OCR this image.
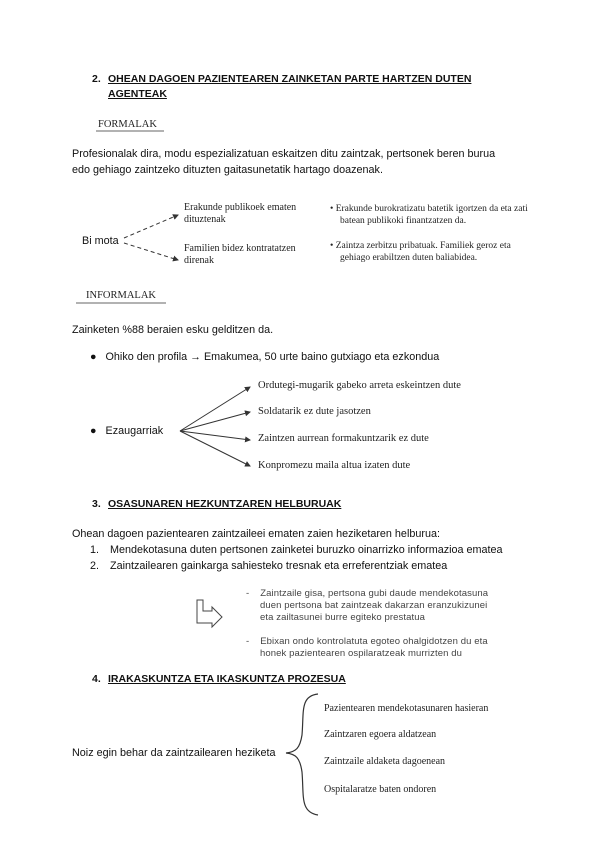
2. OHEAN DAGOEN PAZIENTEAREN ZAINKETAN PARTE HARTZEN DUTEN
AGENTEAK
FORMALAK
Profesionalak dira, modu espezializatuan eskaitzen ditu zaintzak, pertsonek beren burua
edo gehiago zaintzeko dituzten gaitasunetatik hartago doazenak.
Bi mota
Erakunde publikoek ematen
dituztenak
Familien bidez kontratatzen
direnak
• Erakunde burokratizatu batetik igortzen da eta zati
batean publikoki finantzatzen da.
• Zaintza zerbitzu pribatuak. Familiek geroz eta
gehiago erabiltzen duten baliabidea.
INFORMALAK
Zainketen %88 beraien esku gelditzen da.
●   Ohiko den profila → Emakumea, 50 urte baino gutxiago eta ezkondua
●   Ezaugarriak
Ordutegi-mugarik gabeko arreta eskeintzen dute
Soldatarik ez dute jasotzen
Zaintzen aurrean formakuntzarik ez dute
Konpromezu maila altua izaten dute
3. OSASUNAREN HEZKUNTZAREN HELBURUAK
Ohean dagoen pazientearen zaintzaileei ematen zaien heziketaren helburua:
1. Mendekotasuna duten pertsonen zainketei buruzko oinarrizko informazioa ematea
2. Zaintzailearen gainkarga sahiesteko tresnak eta erreferentziak ematea
-    Zaintzaile gisa, pertsona gubi daude mendekotasuna
duen pertsona bat zaintzeak dakarzan eranzukizunei
eta zailtasunei burre egiteko prestatua
-    Ebixan ondo kontrolatuta egoteo ohalgidotzen du eta
honek pazientearen ospilaratzeak murrizten du
4. IRAKASKUNTZA ETA IKASKUNTZA PROZESUA
Noiz egin behar da zaintzailearen heziketa
Pazientearen mendekotasunaren hasieran
Zaintzaren egoera aldatzean
Zaintzaile aldaketa dagoenean
Ospitalaratze baten ondoren
